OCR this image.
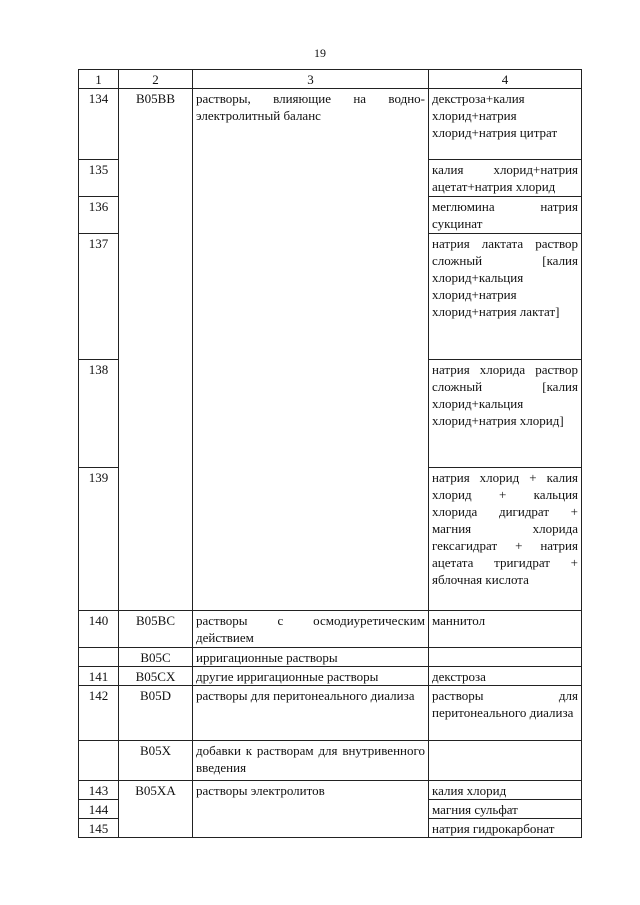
19
1	2	3	4
134	B05BB	растворы, влияющие на водно-электролитный баланс	декстроза+калия хлорид+натрия хлорид+натрия цитрат
135			калия хлорид+натрия ацетат+натрия хлорид
136			меглюмина натрия сукцинат
137			натрия лактата раствор сложный [калия хлорид+кальция хлорид+натрия хлорид+натрия лактат]
138			натрия хлорида раствор сложный [калия хлорид+кальция хлорид+натрия хлорид]
139			натрия хлорид + калия хлорид + кальция хлорида дигидрат + магния хлорида гексагидрат + натрия ацетата тригидрат + яблочная кислота
140	B05BC	растворы с осмодиуретическим действием	маннитол
	B05C	ирригационные растворы	
141	B05CX	другие ирригационные растворы	декстроза
142	B05D	растворы для перитонеального диализа	растворы для перитонеального диализа
	B05X	добавки к растворам для внутривенного введения	
143	B05XA	растворы электролитов	калия хлорид
144			магния сульфат
145			натрия гидрокарбонат
